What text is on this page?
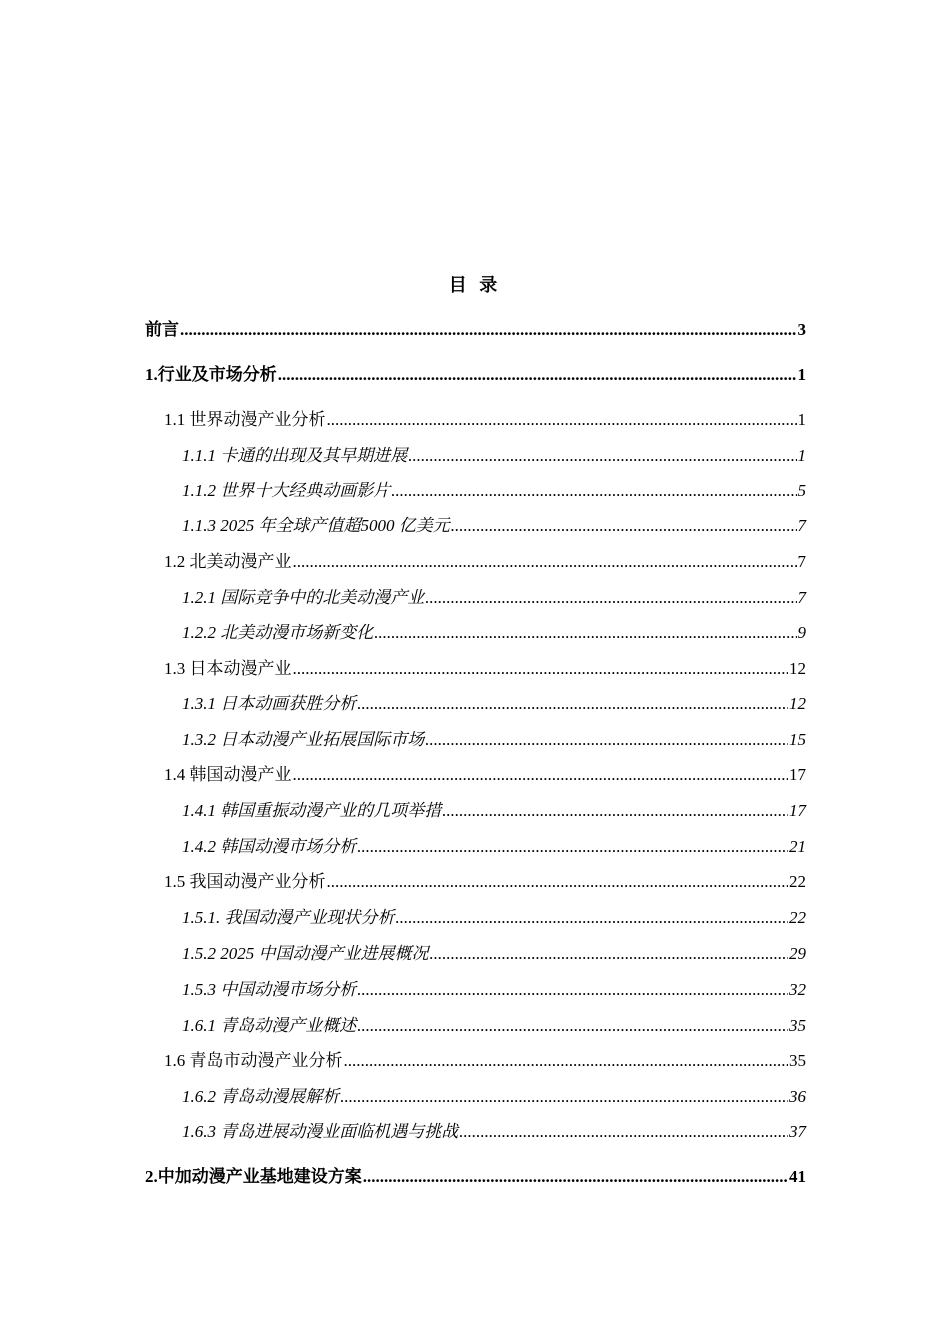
目 录
前言 .....	3
1.行业及市场分析 .....	1
1.1 世界动漫产业分析 .....	1
1.1.1 卡通的出现及其早期进展 .....	1
1.1.2 世界十大经典动画影片 .....	5
1.1.3 2025 年全球产值超5000 亿美元 .....	7
1.2 北美动漫产业 .....	7
1.2.1 国际竞争中的北美动漫产业 .....	7
1.2.2 北美动漫市场新变化 .....	9
1.3 日本动漫产业 .....	12
1.3.1 日本动画获胜分析 .....	12
1.3.2 日本动漫产业拓展国际市场 .....	15
1.4 韩国动漫产业 .....	17
1.4.1 韩国重振动漫产业的几项举措 .....	17
1.4.2 韩国动漫市场分析 .....	21
1.5 我国动漫产业分析 .....	22
1.5.1. 我国动漫产业现状分析 .....	22
1.5.2 2025 中国动漫产业进展概况 .....	29
1.5.3 中国动漫市场分析 .....	32
1.6.1 青岛动漫产业概述 .....	35
1.6 青岛市动漫产业分析 .....	35
1.6.2 青岛动漫展解析 .....	36
1.6.3 青岛进展动漫业面临机遇与挑战 .....	37
2.中加动漫产业基地建设方案 .....	41
